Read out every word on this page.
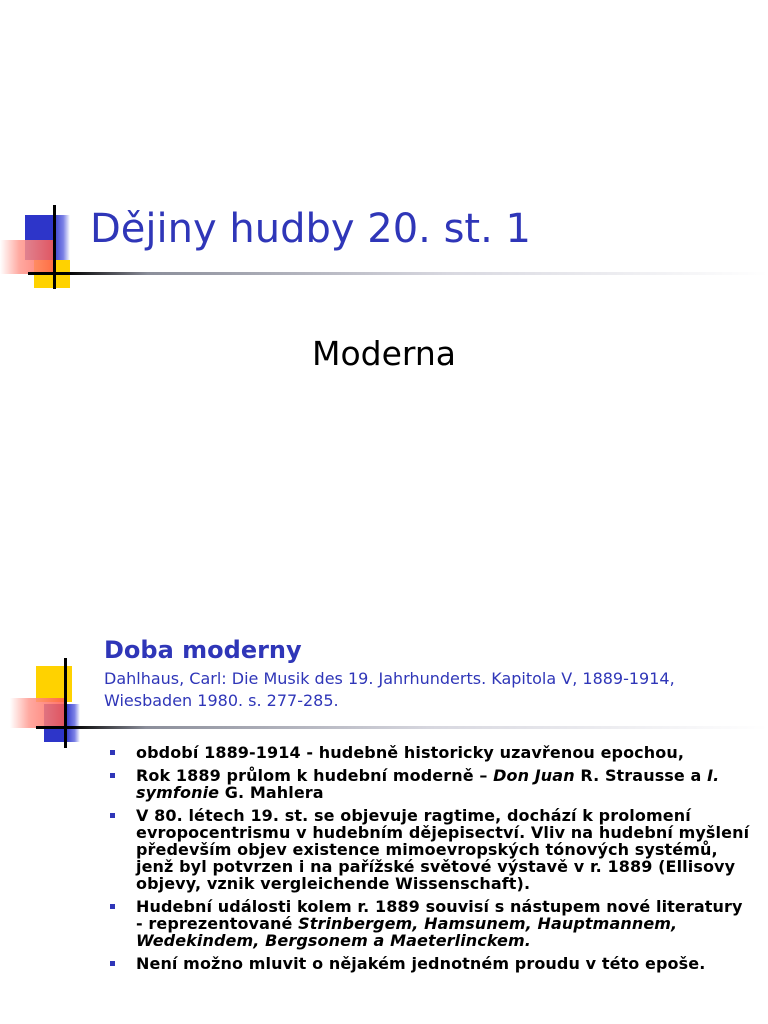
Dějiny hudby 20. st. 1
Moderna
Doba moderny
Dahlhaus, Carl: Die Musik des 19. Jahrhunderts. Kapitola V, 1889-1914, Wiesbaden 1980. s. 277-285.
období 1889-1914 - hudebně historicky uzavřenou epochou,
Rok 1889 průlom k hudební moderně – Don Juan R. Strausse a I. symfonie G. Mahlera
V 80. létech 19. st. se objevuje ragtime, dochází k prolomení evropocentrismu v hudebním dějepisectví. Vliv na hudební myšlení především objev existence mimoevropských tónových systémů, jenž byl potvrzen i na pařížské světové výstavě v r. 1889 (Ellisovy objevy, vznik vergleichende Wissenschaft).
Hudební události kolem r. 1889 souvisí s nástupem nové literatury - reprezentované Strinbergem, Hamsunem, Hauptmannem, Wedekindem, Bergsonem a Maeterlinckem.
Není možno mluvit o nějakém jednotném proudu v této epoše.
